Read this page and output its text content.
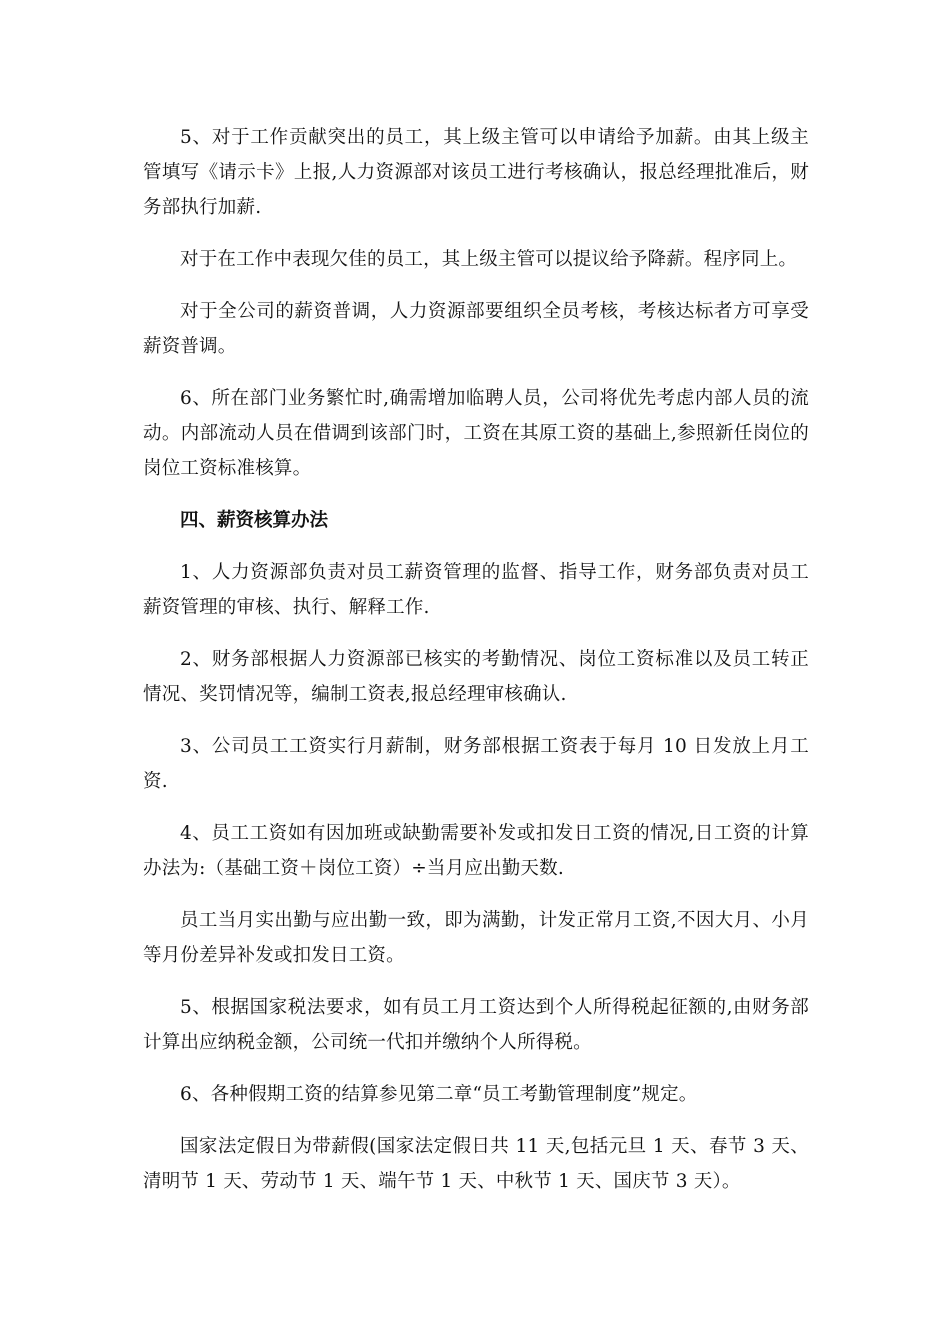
5、对于工作贡献突出的员工，其上级主管可以申请给予加薪。由其上级主管填写《请示卡》上报,人力资源部对该员工进行考核确认，报总经理批准后，财务部执行加薪.

对于在工作中表现欠佳的员工，其上级主管可以提议给予降薪。程序同上。

对于全公司的薪资普调，人力资源部要组织全员考核，考核达标者方可享受薪资普调。

6、所在部门业务繁忙时,确需增加临聘人员，公司将优先考虑内部人员的流动。内部流动人员在借调到该部门时，工资在其原工资的基础上,参照新任岗位的岗位工资标准核算。

四、薪资核算办法

1、人力资源部负责对员工薪资管理的监督、指导工作，财务部负责对员工薪资管理的审核、执行、解释工作.

2、财务部根据人力资源部已核实的考勤情况、岗位工资标准以及员工转正情况、奖罚情况等，编制工资表,报总经理审核确认.

3、公司员工工资实行月薪制，财务部根据工资表于每月 10 日发放上月工资.

4、员工工资如有因加班或缺勤需要补发或扣发日工资的情况,日工资的计算办法为:（基础工资＋岗位工资）÷当月应出勤天数.

员工当月实出勤与应出勤一致，即为满勤，计发正常月工资,不因大月、小月等月份差异补发或扣发日工资。

5、根据国家税法要求，如有员工月工资达到个人所得税起征额的,由财务部计算出应纳税金额，公司统一代扣并缴纳个人所得税。

6、各种假期工资的结算参见第二章“员工考勤管理制度”规定。

国家法定假日为带薪假(国家法定假日共 11 天,包括元旦 1 天、春节 3 天、清明节 1 天、劳动节 1 天、端午节 1 天、中秋节 1 天、国庆节 3 天）。
